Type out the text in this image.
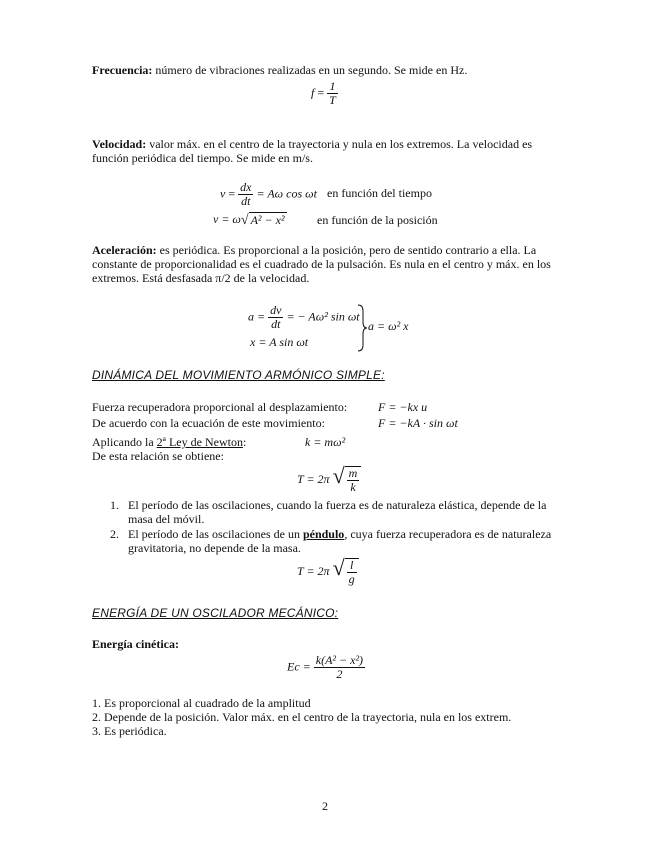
Frecuencia: número de vibraciones realizadas en un segundo. Se mide en Hz.
$f = \frac{1}{T}$
Velocidad: valor máx. en el centro de la trayectoria y nula en los extremos. La velocidad es función periódica del tiempo. Se mide en m/s.
$v = \frac{dx}{dt} = A\omega$ cos ωt en función del tiempo
v = ω√ A² − x²	en función de la posición
Aceleración: es periódica. Es proporcional a la posición, pero de sentido contrario a ella. La constante de proporcionalidad es el cuadrado de la pulsación. Es nula en el centro y máx. en los extremos. Está desfasada π/2 de la velocidad.
$a = \frac{dv}{dt}$ = − Aω² sin ωt
x = A sin ωt
a = ω² x
DINÁMICA DEL MOVIMIENTO ARMÓNICO SIMPLE:
Fuerza recuperadora proporcional al desplazamiento:	F = −kx u
De acuerdo con la ecuación de este movimiento:	F = −kA · sin ωt
Aplicando la 2ª Ley de Newton:	k = mω²
De esta relación se obtiene:
T = 2π √ $\frac{m}{k}$
1. El período de las oscilaciones, cuando la fuerza es de naturaleza elástica, depende de la masa del móvil.
2. El período de las oscilaciones de un péndulo, cuya fuerza recuperadora es de naturaleza gravitatoria, no depende de la masa.
T = 2π √ $\frac{l}{g}$
ENERGÍA DE UN OSCILADOR MECÁNICO:
Energía cinética:
$Ec = \frac{\text{k(A² − x²)}}{2}$
1. Es proporcional al cuadrado de la amplitud
2. Depende de la posición. Valor máx. en el centro de la trayectoria, nula en los extrem.
3. Es periódica.
2
